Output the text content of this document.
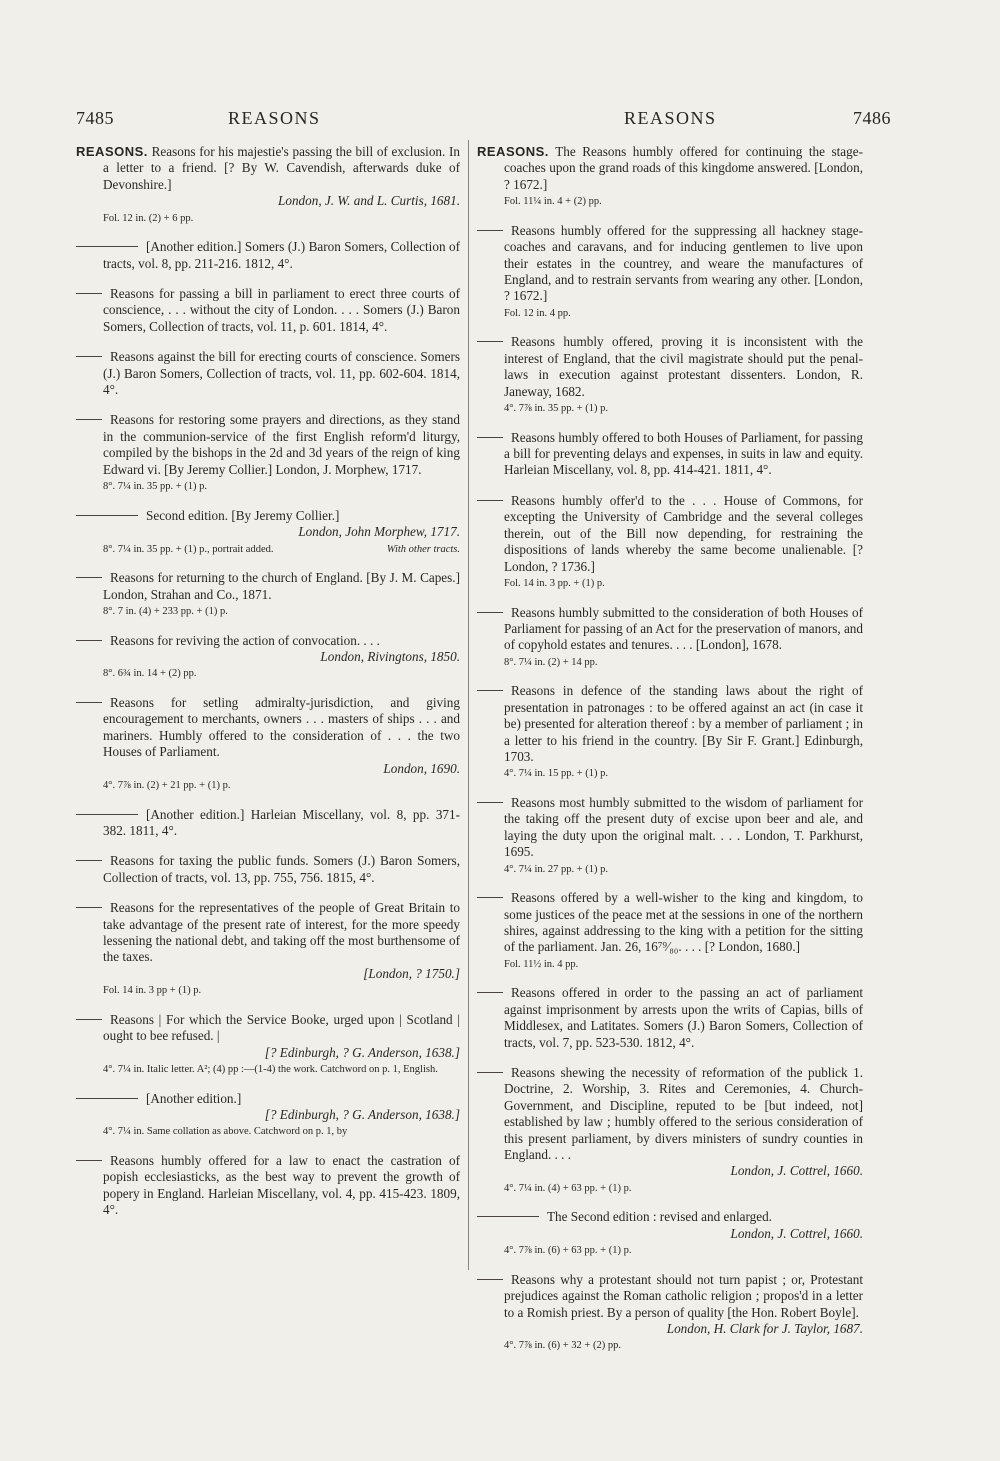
7485	REASONS	REASONS	7486
REASONS. Reasons for his majestie's passing the bill of exclusion. In a letter to a friend. [? By W. Cavendish, afterwards duke of Devonshire.]
London, J. W. and L. Curtis, 1681.
Fol. 12 in. (2) + 6 pp.
[Another edition.] Somers (J.) Baron Somers, Collection of tracts, vol. 8, pp. 211-216. 1812, 4°.
Reasons for passing a bill in parliament to erect three courts of conscience, . . . without the city of London. . . . Somers (J.) Baron Somers, Collection of tracts, vol. 11, p. 601. 1814, 4°.
Reasons against the bill for erecting courts of conscience. Somers (J.) Baron Somers, Collection of tracts, vol. 11, pp. 602-604. 1814, 4°.
Reasons for restoring some prayers and directions, as they stand in the communion-service of the first English reform'd liturgy, compiled by the bishops in the 2d and 3d years of the reign of king Edward vi. [By Jeremy Collier.] London, J. Morphew, 1717.
8°. 7¼ in. 35 pp. + (1) p.
Second edition. [By Jeremy Collier.]
London, John Morphew, 1717.
8°. 7¼ in. 35 pp. + (1) p., portrait added.	With other tracts.
Reasons for returning to the church of England. [By J. M. Capes.] London, Strahan and Co., 1871.
8°. 7 in. (4) + 233 pp. + (1) p.
Reasons for reviving the action of convocation. . . .
London, Rivingtons, 1850.
8°. 6¾ in. 14 + (2) pp.
Reasons for setling admiralty-jurisdiction, and giving encouragement to merchants, owners . . . masters of ships . . . and mariners. Humbly offered to the consideration of . . . the two Houses of Parliament.
London, 1690.
4°. 7⅞ in. (2) + 21 pp. + (1) p.
[Another edition.] Harleian Miscellany, vol. 8, pp. 371-382. 1811, 4°.
Reasons for taxing the public funds. Somers (J.) Baron Somers, Collection of tracts, vol. 13, pp. 755, 756. 1815, 4°.
Reasons for the representatives of the people of Great Britain to take advantage of the present rate of interest, for the more speedy lessening the national debt, and taking off the most burthensome of the taxes.
[London, ? 1750.]
Fol. 14 in. 3 pp + (1) p.
Reasons | For which the Service Booke, urged upon | Scotland | ought to bee refused. |
[? Edinburgh, ? G. Anderson, 1638.]
4°. 7¼ in. Italic letter. A²; (4) pp :—(1-4) the work. Catchword on p. 1, English.
[Another edition.]
[? Edinburgh, ? G. Anderson, 1638.]
4°. 7¼ in. Same collation as above. Catchword on p. 1, by
Reasons humbly offered for a law to enact the castration of popish ecclesiasticks, as the best way to prevent the growth of popery in England. Harleian Miscellany, vol. 4, pp. 415-423. 1809, 4°.
REASONS. The Reasons humbly offered for continuing the stage-coaches upon the grand roads of this kingdome answered. [London, ? 1672.]
Fol. 11¼ in. 4 + (2) pp.
Reasons humbly offered for the suppressing all hackney stage-coaches and caravans, and for inducing gentlemen to live upon their estates in the countrey, and weare the manufactures of England, and to restrain servants from wearing any other. [London, ? 1672.]
Fol. 12 in. 4 pp.
Reasons humbly offered, proving it is inconsistent with the interest of England, that the civil magistrate should put the penal-laws in execution against protestant dissenters. London, R. Janeway, 1682.
4°. 7⅞ in. 35 pp. + (1) p.
Reasons humbly offered to both Houses of Parliament, for passing a bill for preventing delays and expenses, in suits in law and equity. Harleian Miscellany, vol. 8, pp. 414-421. 1811, 4°.
Reasons humbly offer'd to the . . . House of Commons, for excepting the University of Cambridge and the several colleges therein, out of the Bill now depending, for restraining the dispositions of lands whereby the same become unalienable. [? London, ? 1736.]
Fol. 14 in. 3 pp. + (1) p.
Reasons humbly submitted to the consideration of both Houses of Parliament for passing of an Act for the preservation of manors, and of copyhold estates and tenures. . . . [London], 1678.
8°. 7¼ in. (2) + 14 pp.
Reasons in defence of the standing laws about the right of presentation in patronages : to be offered against an act (in case it be) presented for alteration thereof : by a member of parliament ; in a letter to his friend in the country. [By Sir F. Grant.] Edinburgh, 1703.
4°. 7¼ in. 15 pp. + (1) p.
Reasons most humbly submitted to the wisdom of parliament for the taking off the present duty of excise upon beer and ale, and laying the duty upon the original malt. . . . London, T. Parkhurst, 1695.
4°. 7¼ in. 27 pp. + (1) p.
Reasons offered by a well-wisher to the king and kingdom, to some justices of the peace met at the sessions in one of the northern shires, against addressing to the king with a petition for the sitting of the parliament. Jan. 26, 16⁷⁹⁄₈₀. . . . [? London, 1680.]
Fol. 11½ in. 4 pp.
Reasons offered in order to the passing an act of parliament against imprisonment by arrests upon the writs of Capias, bills of Middlesex, and Latitates. Somers (J.) Baron Somers, Collection of tracts, vol. 7, pp. 523-530. 1812, 4°.
Reasons shewing the necessity of reformation of the publick 1. Doctrine, 2. Worship, 3. Rites and Ceremonies, 4. Church-Government, and Discipline, reputed to be [but indeed, not] established by law ; humbly offered to the serious consideration of this present parliament, by divers ministers of sundry counties in England. . . .
London, J. Cottrel, 1660.
4°. 7¼ in. (4) + 63 pp. + (1) p.
The Second edition : revised and enlarged.
London, J. Cottrel, 1660.
4°. 7⅞ in. (6) + 63 pp. + (1) p.
Reasons why a protestant should not turn papist ; or, Protestant prejudices against the Roman catholic religion ; propos'd in a letter to a Romish priest. By a person of quality [the Hon. Robert Boyle].
London, H. Clark for J. Taylor, 1687.
4°. 7⅞ in. (6) + 32 + (2) pp.
